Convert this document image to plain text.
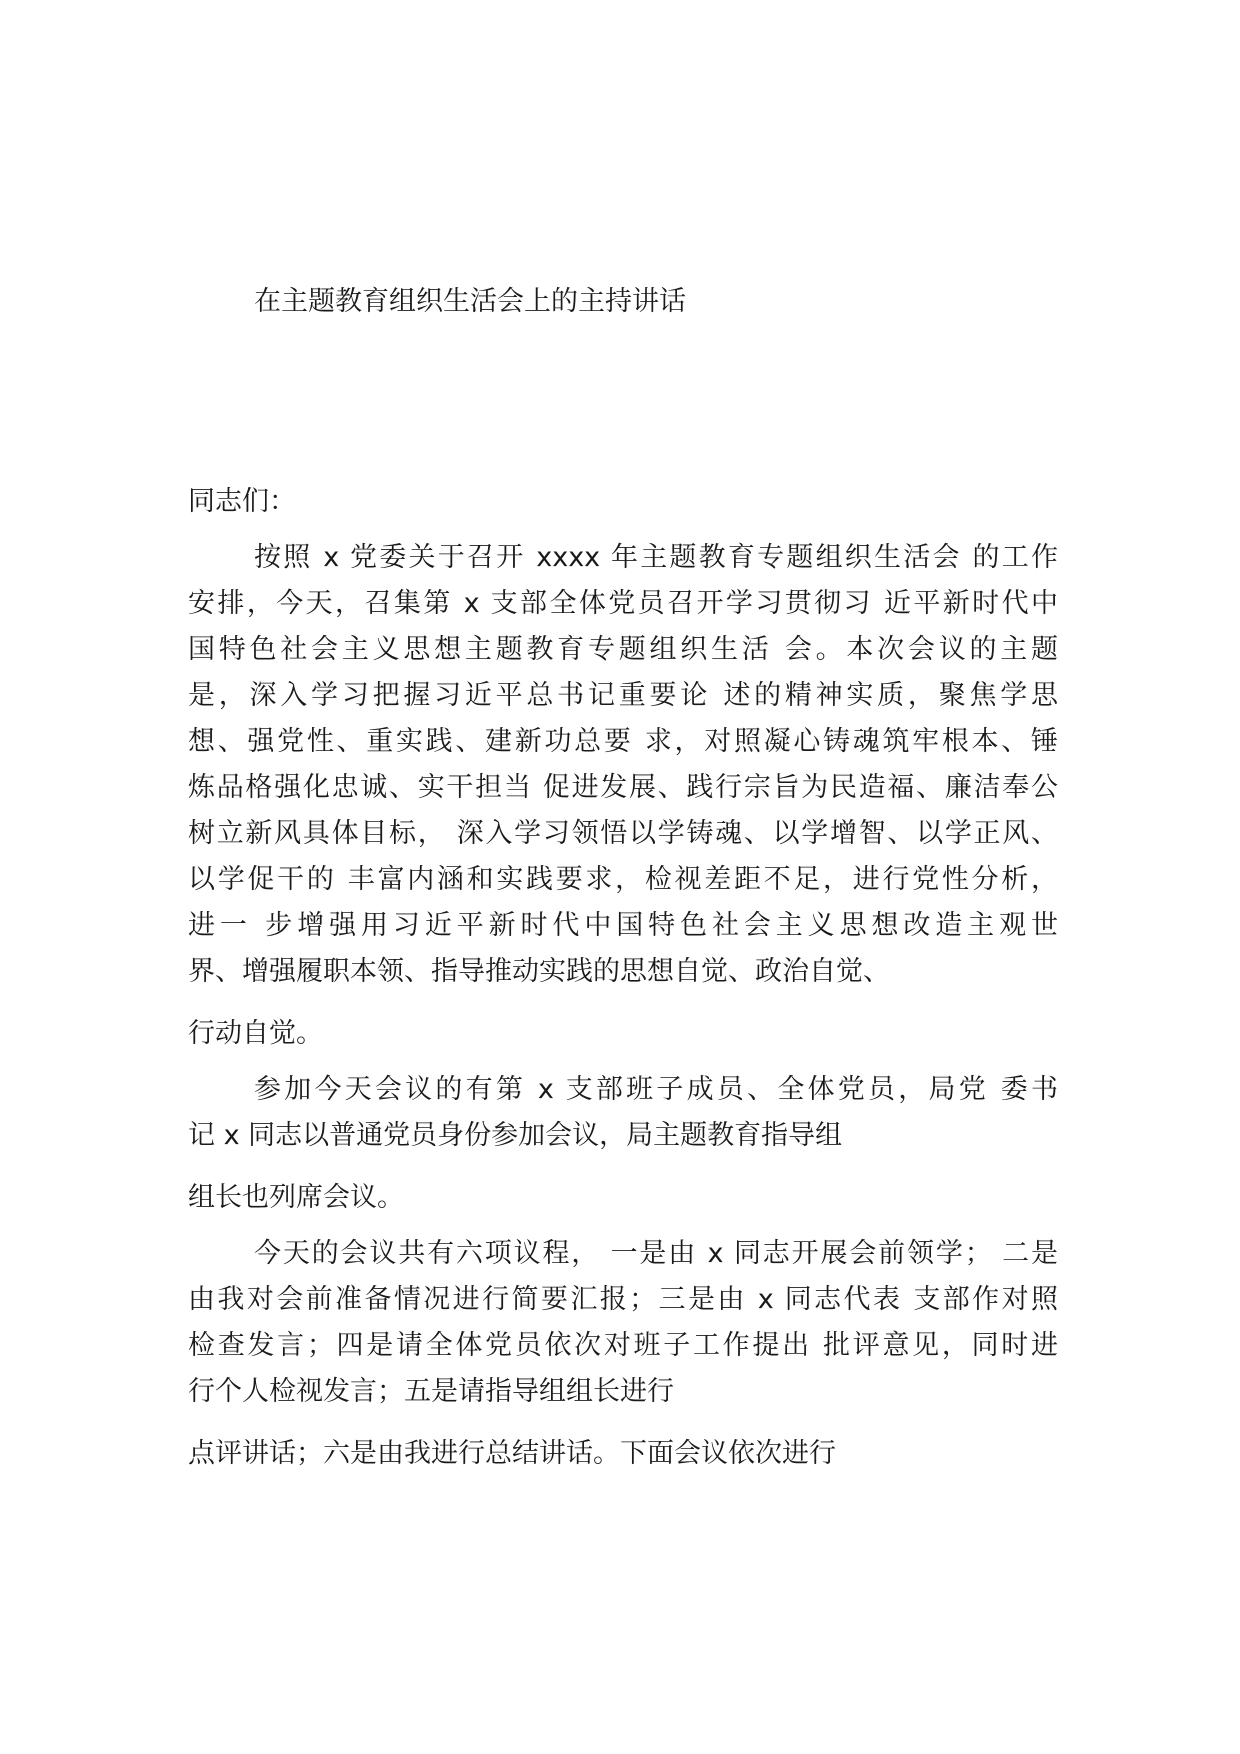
在主题教育组织生活会上的主持讲话

同志们：

按照 x 党委关于召开 xxxx 年主题教育专题组织生活会 的工作

安排，今天，召集第 x 支部全体党员召开学习贯彻习 近平新时代中

国特色社会主义思想主题教育专题组织生活 会。本次会议的主题

是，深入学习把握习近平总书记重要论 述的精神实质，聚焦学思

想、强党性、重实践、建新功总要 求，对照凝心铸魂筑牢根本、锤

炼品格强化忠诚、实干担当 促进发展、践行宗旨为民造福、廉洁奉公

树立新风具体目标， 深入学习领悟以学铸魂、以学增智、以学正风、

以学促干的 丰富内涵和实践要求，检视差距不足，进行党性分析，

进一 步增强用习近平新时代中国特色社会主义思想改造主观世

界、增强履职本领、指导推动实践的思想自觉、政治自觉、

行动自觉。

参加今天会议的有第 x 支部班子成员、全体党员，局党 委书

记 x 同志以普通党员身份参加会议，局主题教育指导组

组长也列席会议。

今天的会议共有六项议程， 一是由 x 同志开展会前领学； 二是

由我对会前准备情况进行简要汇报；三是由 x 同志代表 支部作对照

检查发言；四是请全体党员依次对班子工作提出 批评意见，同时进

行个人检视发言；五是请指导组组长进行

点评讲话；六是由我进行总结讲话。下面会议依次进行
